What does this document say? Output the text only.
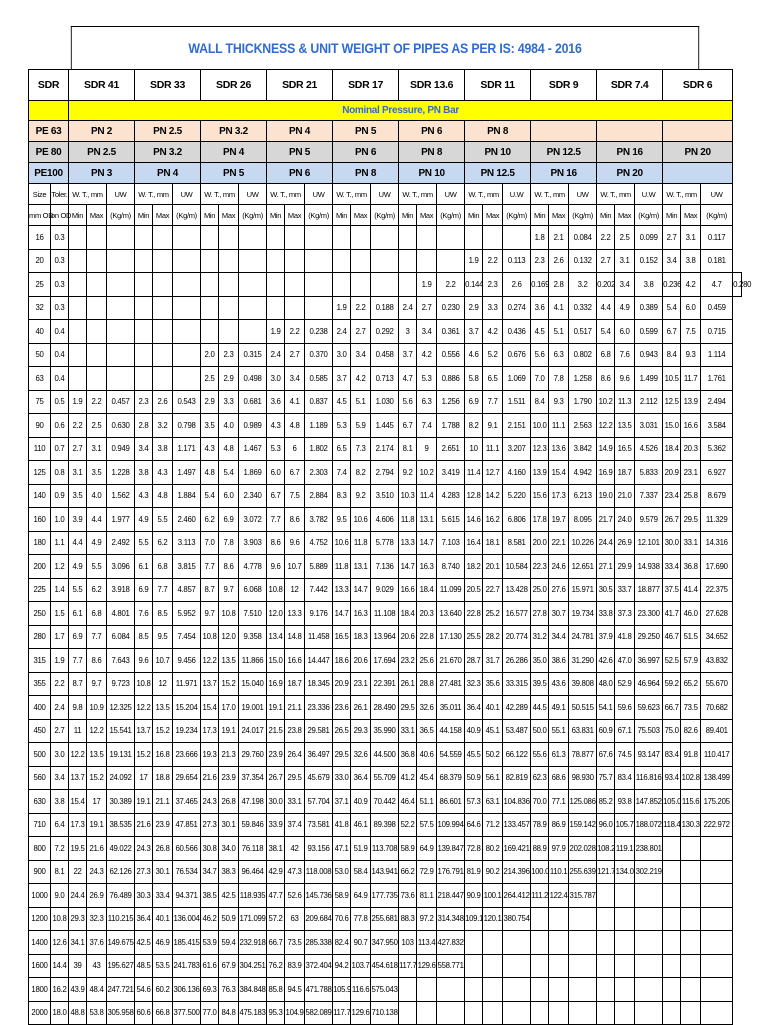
WALL THICKNESS & UNIT WEIGHT OF PIPES AS PER IS: 4984 - 2016
SDR		SDR 41			SDR 33			SDR 26			SDR 21			SDR 17			SDR 13.6			SDR 11			SDR 9			SDR 7.4			SDR 6			
		Nominal Pressure, PN Bar																														
PE 63		PN 2			PN 2.5			PN 3.2			PN 4			PN 5			PN 6			PN 8												
PE 80		PN 2.5			PN 3.2			PN 4			PN 5			PN 6			PN 8			PN 10			PN 12.5			PN 16			PN 20			
PE100		PN 3			PN 4			PN 5			PN 6			PN 8			PN 10			PN 12.5			PN 16			PN 20						
Size	Toler.	W. T., mm		UW	W. T., mm		UW	W. T., mm		UW	W. T., mm		UW	W. T., mm		UW	W. T., mm		UW	W. T., mm		U.W	W. T., mm		UW	W. T., mm		U.W	W. T., mm		UW	
mm OD	on OD	Min	Max	(Kg/m)	Min	Max	(Kg/m)	Min	Max	(Kg/m)	Min	Max	(Kg/m)	Min	Max	(Kg/m)	Min	Max	(Kg/m)	Min	Max	(Kg/m)	Min	Max	(Kg/m)	Min	Max	(Kg/m)	Min	Max	(Kg/m)	
16	0.3																						1.8	2.1	0.084	2.2	2.5	0.099	2.7	3.1	0.117	
20	0.3																			1.9	2.2	0.113	2.3	2.6	0.132	2.7	3.1	0.152	3.4	3.8	0.181	
25	0.3																	1.9	2.2	0.144	2.3	2.6	0.169	2.8	3.2	0.202	3.4	3.8	0.236	4.2	4.7	0.280
32	0.3													1.9	2.2	0.188	2.4	2.7	0.230	2.9	3.3	0.274	3.6	4.1	0.332	4.4	4.9	0.389	5.4	6.0	0.459	
40	0.4										1.9	2.2	0.238	2.4	2.7	0.292	3	3.4	0.361	3.7	4.2	0.436	4.5	5.1	0.517	5.4	6.0	0.599	6.7	7.5	0.715	
50	0.4							2.0	2.3	0.315	2.4	2.7	0.370	3.0	3.4	0.458	3.7	4.2	0.556	4.6	5.2	0.676	5.6	6.3	0.802	6.8	7.6	0.943	8.4	9.3	1.114	
63	0.4							2.5	2.9	0.498	3.0	3.4	0.585	3.7	4.2	0.713	4.7	5.3	0.886	5.8	6.5	1.069	7.0	7.8	1.258	8.6	9.6	1.499	10.5	11.7	1.761	
75	0.5	1.9	2.2	0.457	2.3	2.6	0.543	2.9	3.3	0.681	3.6	4.1	0.837	4.5	5.1	1.030	5.6	6.3	1.256	6.9	7.7	1.511	8.4	9.3	1.790	10.2	11.3	2.112	12.5	13.9	2.494	
90	0.6	2.2	2.5	0.630	2.8	3.2	0.798	3.5	4.0	0.989	4.3	4.8	1.189	5.3	5.9	1.445	6.7	7.4	1.788	8.2	9.1	2.151	10.0	11.1	2.563	12.2	13.5	3.031	15.0	16.6	3.584	
110	0.7	2.7	3.1	0.949	3.4	3.8	1.171	4.3	4.8	1.467	5.3	6	1.802	6.5	7.3	2.174	8.1	9	2.651	10	11.1	3.207	12.3	13.6	3.842	14.9	16.5	4.526	18.4	20.3	5.362	
125	0.8	3.1	3.5	1.228	3.8	4.3	1.497	4.8	5.4	1.869	6.0	6.7	2.303	7.4	8.2	2.794	9.2	10.2	3.419	11.4	12.7	4.160	13.9	15.4	4.942	16.9	18.7	5.833	20.9	23.1	6.927	
140	0.9	3.5	4.0	1.562	4.3	4.8	1.884	5.4	6.0	2.340	6.7	7.5	2.884	8.3	9.2	3.510	10.3	11.4	4.283	12.8	14.2	5.220	15.6	17.3	6.213	19.0	21.0	7.337	23.4	25.8	8.679	
160	1.0	3.9	4.4	1.977	4.9	5.5	2.460	6.2	6.9	3.072	7.7	8.6	3.782	9.5	10.6	4.606	11.8	13.1	5.615	14.6	16.2	6.806	17.8	19.7	8.095	21.7	24.0	9.579	26.7	29.5	11.329	
180	1.1	4.4	4.9	2.492	5.5	6.2	3.113	7.0	7.8	3.903	8.6	9.6	4.752	10.6	11.8	5.778	13.3	14.7	7.103	16.4	18.1	8.581	20.0	22.1	10.226	24.4	26.9	12.101	30.0	33.1	14.316	
200	1.2	4.9	5.5	3.096	6.1	6.8	3.815	7.7	8.6	4.778	9.6	10.7	5.889	11.8	13.1	7.136	14.7	16.3	8.740	18.2	20.1	10.584	22.3	24.6	12.651	27.1	29.9	14.938	33.4	36.8	17.690	
225	1.4	5.5	6.2	3.918	6.9	7.7	4.857	8.7	9.7	6.068	10.8	12	7.442	13.3	14.7	9.029	16.6	18.4	11.099	20.5	22.7	13.428	25.0	27.6	15.971	30.5	33.7	18.877	37.5	41.4	22.375	
250	1.5	6.1	6.8	4.801	7.6	8.5	5.952	9.7	10.8	7.510	12.0	13.3	9.176	14.7	16.3	11.108	18.4	20.3	13.640	22.8	25.2	16.577	27.8	30.7	19.734	33.8	37.3	23.300	41.7	46.0	27.628	
280	1.7	6.9	7.7	6.084	8.5	9.5	7.454	10.8	12.0	9.358	13.4	14.8	11.458	16.5	18.3	13.964	20.6	22.8	17.130	25.5	28.2	20.774	31.2	34.4	24.781	37.9	41.8	29.250	46.7	51.5	34.652	
315	1.9	7.7	8.6	7.643	9.6	10.7	9.456	12.2	13.5	11.866	15.0	16.6	14.447	18.6	20.6	17.694	23.2	25.6	21.670	28.7	31.7	26.286	35.0	38.6	31.290	42.6	47.0	36.997	52.5	57.9	43.832	
355	2.2	8.7	9.7	9.723	10.8	12	11.971	13.7	15.2	15.040	16.9	18.7	18.345	20.9	23.1	22.391	26.1	28.8	27.481	32.3	35.6	33.315	39.5	43.6	39.808	48.0	52.9	46.964	59.2	65.2	55.670	
400	2.4	9.8	10.9	12.325	12.2	13.5	15.204	15.4	17.0	19.001	19.1	21.1	23.336	23.6	26.1	28.490	29.5	32.6	35.011	36.4	40.1	42.289	44.5	49.1	50.515	54.1	59.6	59.623	66.7	73.5	70.682	
450	2.7	11	12.2	15.541	13.7	15.2	19.234	17.3	19.1	24.017	21.5	23.8	29.581	26.5	29.3	35.990	33.1	36.5	44.158	40.9	45.1	53.487	50.0	55.1	63.831	60.9	67.1	75.503	75.0	82.6	89.401	
500	3.0	12.2	13.5	19.131	15.2	16.8	23.666	19.3	21.3	29.760	23.9	26.4	36.497	29.5	32.6	44.500	36.8	40.6	54.559	45.5	50.2	66.122	55.6	61.3	78.877	67.6	74.5	93.147	83.4	91.8	110.417	
560	3.4	13.7	15.2	24.092	17	18.8	29.654	21.6	23.9	37.354	26.7	29.5	45.679	33.0	36.4	55.709	41.2	45.4	68.379	50.9	56.1	82.819	62.3	68.6	98.930	75.7	83.4	116.816	93.4	102.8	138.499	
630	3.8	15.4	17	30.389	19.1	21.1	37.465	24.3	26.8	47.198	30.0	33.1	57.704	37.1	40.9	70.442	46.4	51.1	86.601	57.3	63.1	104.836	70.0	77.1	125.086	85.2	93.8	147.852	105.0	115.6	175.205	
710	6.4	17.3	19.1	38.535	21.6	23.9	47.851	27.3	30.1	59.846	33.9	37.4	73.581	41.8	46.1	89.398	52.2	57.5	109.994	64.6	71.2	133.457	78.9	86.9	159.142	96.0	105.7	188.072	118.4	130.3	222.972	
800	7.2	19.5	21.6	49.022	24.3	26.8	60.566	30.8	34.0	76.118	38.1	42	93.156	47.1	51.9	113.708	58.9	64.9	139.847	72.8	80.2	169.421	88.9	97.9	202.028	108.2	119.1	238.801				
900	8.1	22	24.3	62.126	27.3	30.1	76.534	34.7	38.3	96.464	42.9	47.3	118.008	53.0	58.4	143.941	66.2	72.9	176.791	81.9	90.2	214.396	100.0	110.1	255.639	121.7	134.0	302.219				
1000	9.0	24.4	26.9	76.489	30.3	33.4	94.371	38.5	42.5	118.935	47.7	52.6	145.736	58.9	64.9	177.735	73.6	81.1	218.447	90.9	100.1	264.412	111.2	122.4	315.787							
1200	10.8	29.3	32.3	110.215	36.4	40.1	136.004	46.2	50.9	171.099	57.2	63	209.684	70.6	77.8	255.681	88.3	97.2	314.348	109.1	120.1	380.754										
1400	12.6	34.1	37.6	149.675	42.5	46.9	185.415	53.9	59.4	232.918	66.7	73.5	285.338	82.4	90.7	347.950	103	113.4	427.832													
1600	14.4	39	43	195.627	48.5	53.5	241.783	61.6	67.9	304.251	76.2	83.9	372.404	94.2	103.7	454.618	117.7	129.6	558.771													
1800	16.2	43.9	48.4	247.721	54.6	60.2	306.136	69.3	76.3	384.848	85.8	94.5	471.788	105.9	116.6	575.043																
2000	18.0	48.8	53.8	305.958	60.6	66.8	377.500	77.0	84.8	475.183	95.3	104.9	582.089	117.7	129.6	710.138																
